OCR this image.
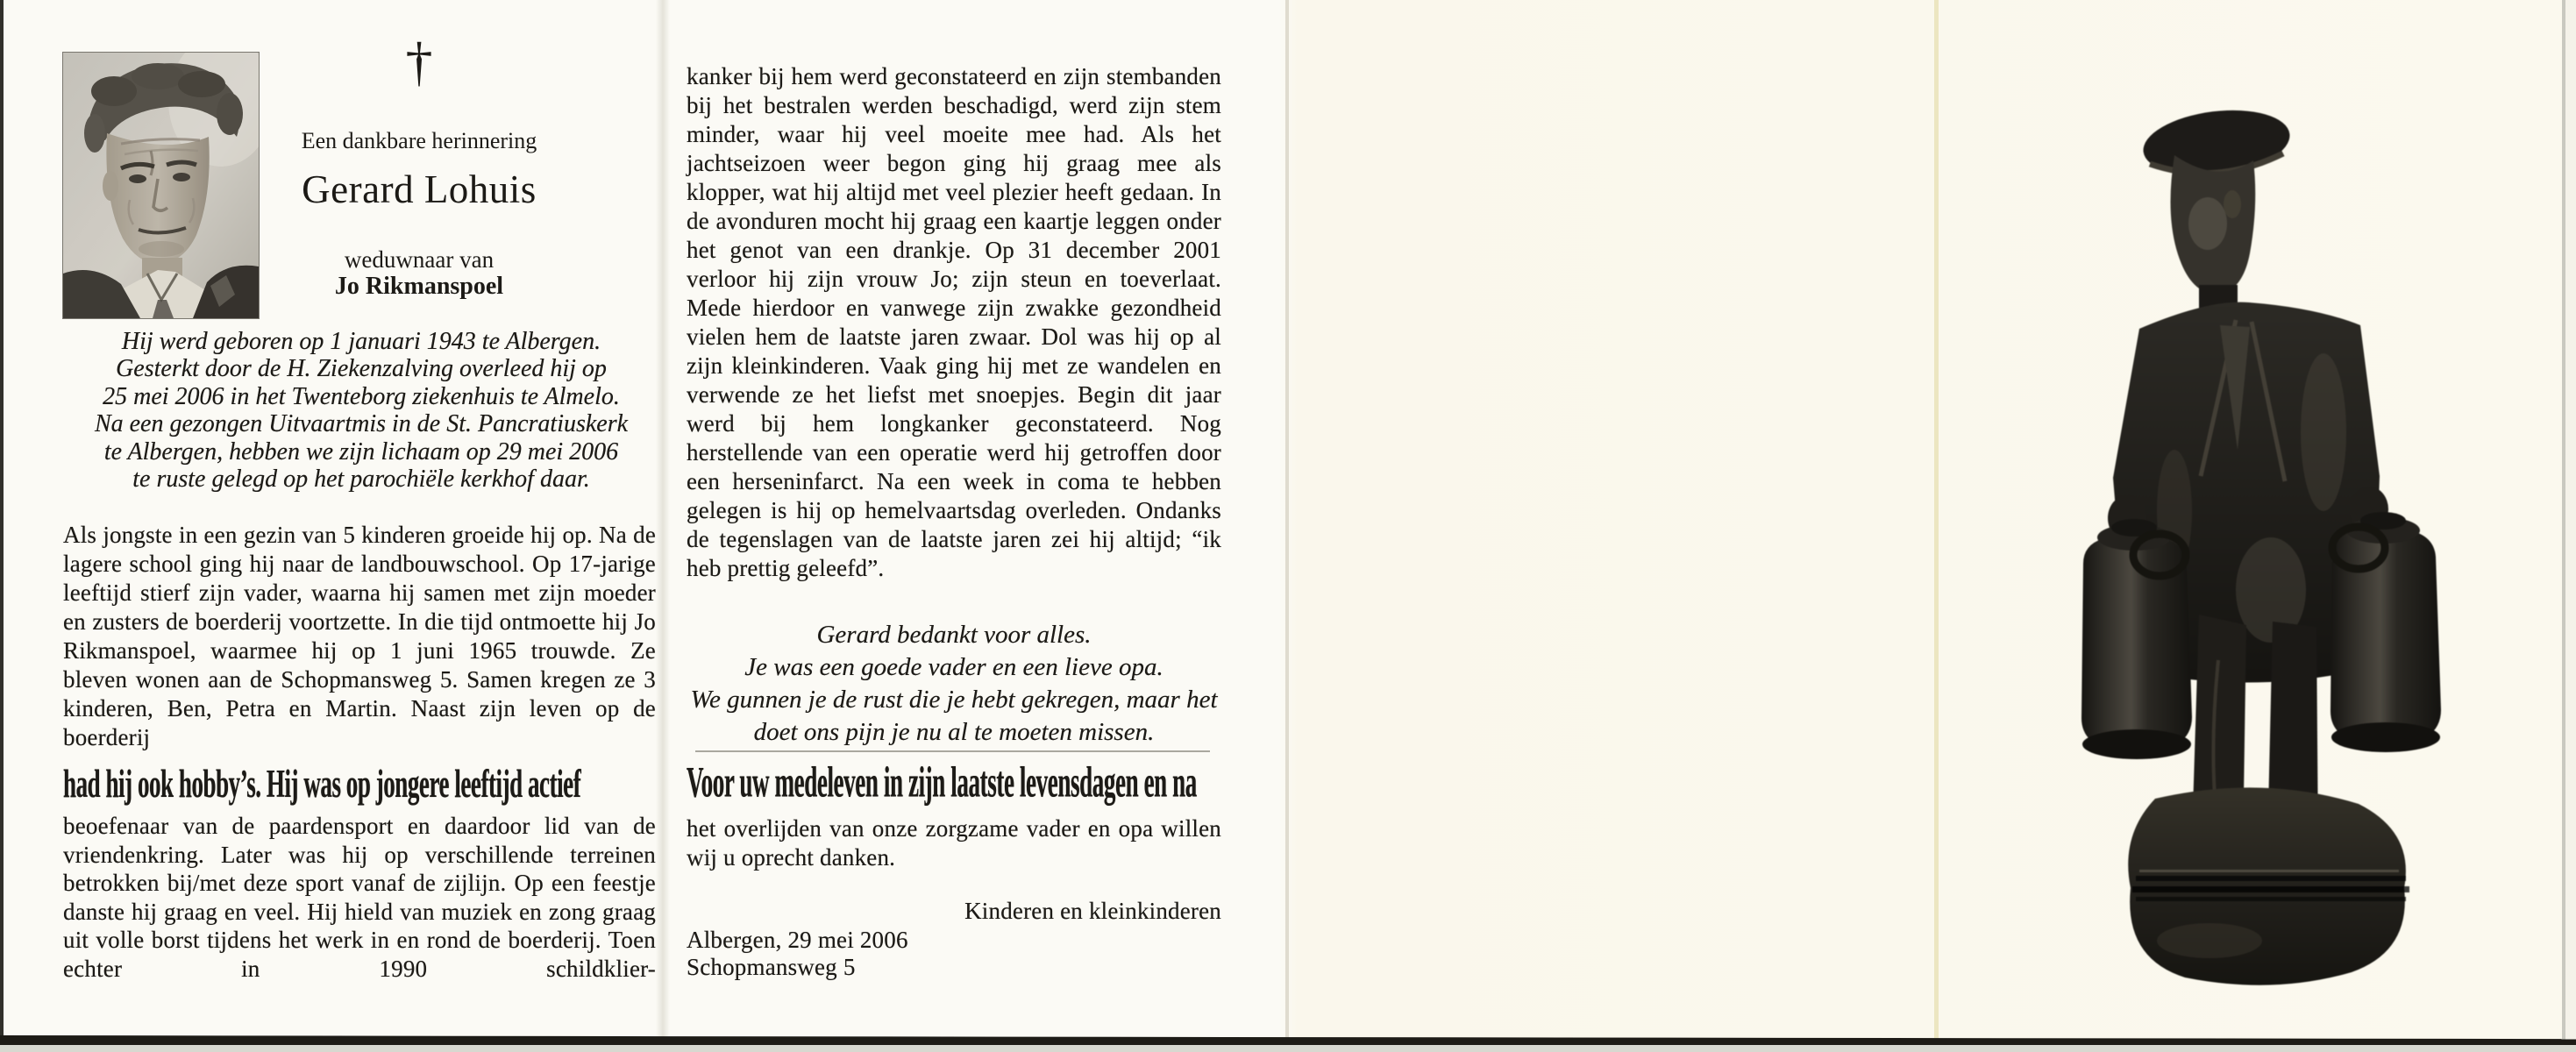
†
Een dankbare herinnering
Gerard Lohuis
weduwnaar van
Jo Rikmanspoel
Hij werd geboren op 1 januari 1943 te Albergen.
Gesterkt door de H. Ziekenzalving overleed hij op
25 mei 2006 in het Twenteborg ziekenhuis te Almelo.
Na een gezongen Uitvaartmis in de St. Pancratiuskerk
te Albergen, hebben we zijn lichaam op 29 mei 2006
te ruste gelegd op het parochiële kerkhof daar.
Als jongste in een gezin van 5 kinderen groeide hij op. Na de lagere school ging hij naar de landbouwschool. Op 17-jarige leeftijd stierf zijn vader, waarna hij samen met zijn moeder en zusters de boerderij voortzette. In die tijd ontmoette hij Jo Rikmanspoel, waarmee hij op 1 juni 1965 trouwde. Ze bleven wonen aan de Schopmansweg 5. Samen kregen ze 3 kinderen, Ben, Petra en Martin. Naast zijn leven op de boerderij
had hij ook hobby’s. Hij was op jongere leeftijd actief
beoefenaar van de paardensport en daardoor lid van de vriendenkring. Later was hij op verschillende terreinen betrokken bij/met deze sport vanaf de zijlijn. Op een feestje danste hij graag en veel. Hij hield van muziek en zong graag uit volle borst tijdens het werk in en rond de boerderij. Toen echter in 1990 schildklier-
kanker bij hem werd geconstateerd en zijn stembanden bij het bestralen werden beschadigd, werd zijn stem minder, waar hij veel moeite mee had. Als het jachtseizoen weer begon ging hij graag mee als klopper, wat hij altijd met veel plezier heeft gedaan. In de avonduren mocht hij graag een kaartje leggen onder het genot van een drankje. Op 31 december 2001 verloor hij zijn vrouw Jo; zijn steun en toeverlaat. Mede hierdoor en vanwege zijn zwakke gezondheid vielen hem de laatste jaren zwaar. Dol was hij op al zijn kleinkinderen. Vaak ging hij met ze wandelen en verwende ze het liefst met snoepjes. Begin dit jaar werd bij hem longkanker geconstateerd. Nog herstellende van een operatie werd hij getroffen door een herseninfarct. Na een week in coma te hebben gelegen is hij op hemelvaartsdag overleden. Ondanks de tegenslagen van de laatste jaren zei hij altijd; “ik heb prettig geleefd”.
Gerard bedankt voor alles.
Je was een goede vader en een lieve opa.
We gunnen je de rust die je hebt gekregen, maar het
doet ons pijn je nu al te moeten missen.
Voor uw medeleven in zijn laatste levensdagen en na
het overlijden van onze zorgzame vader en opa willen wij u oprecht danken.
Kinderen en kleinkinderen
Albergen, 29 mei 2006
Schopmansweg 5
